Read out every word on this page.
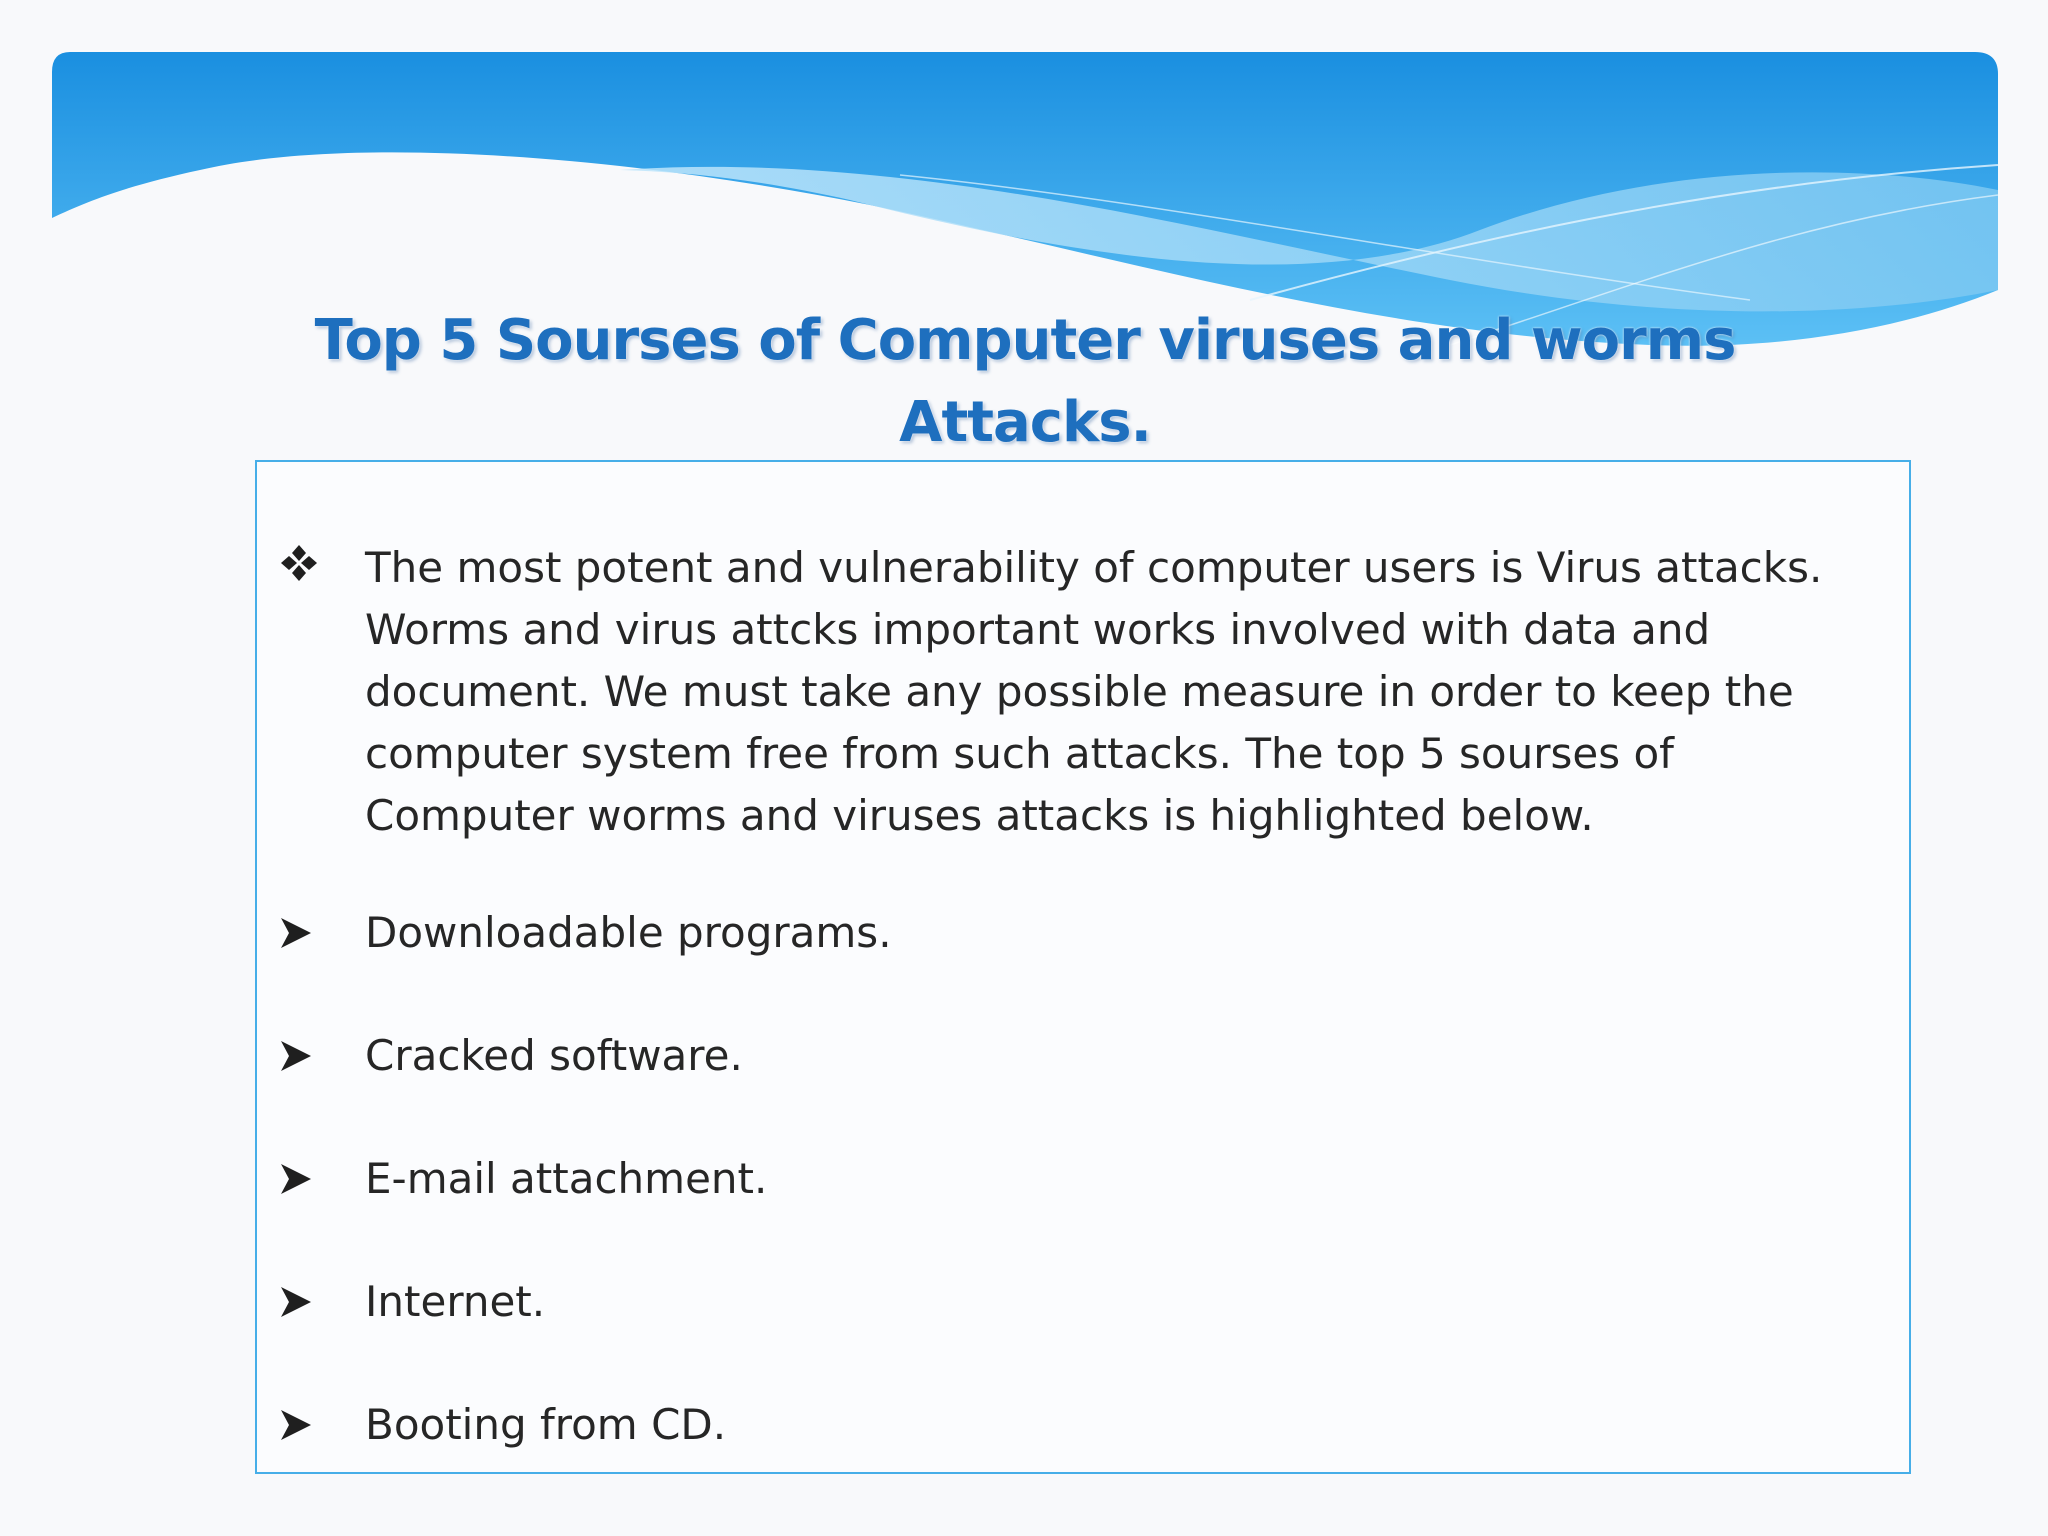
Top 5 Sourses of Computer viruses and worms
Attacks.
The most potent and vulnerability of computer users is Virus attacks. Worms and virus attcks important works involved with data and document. We must take any possible measure in order to keep the computer system free from such attacks. The top 5 sourses of Computer worms and viruses attacks is highlighted below.
Downloadable programs.
Cracked software.
E-mail attachment.
Internet.
Booting from CD.
